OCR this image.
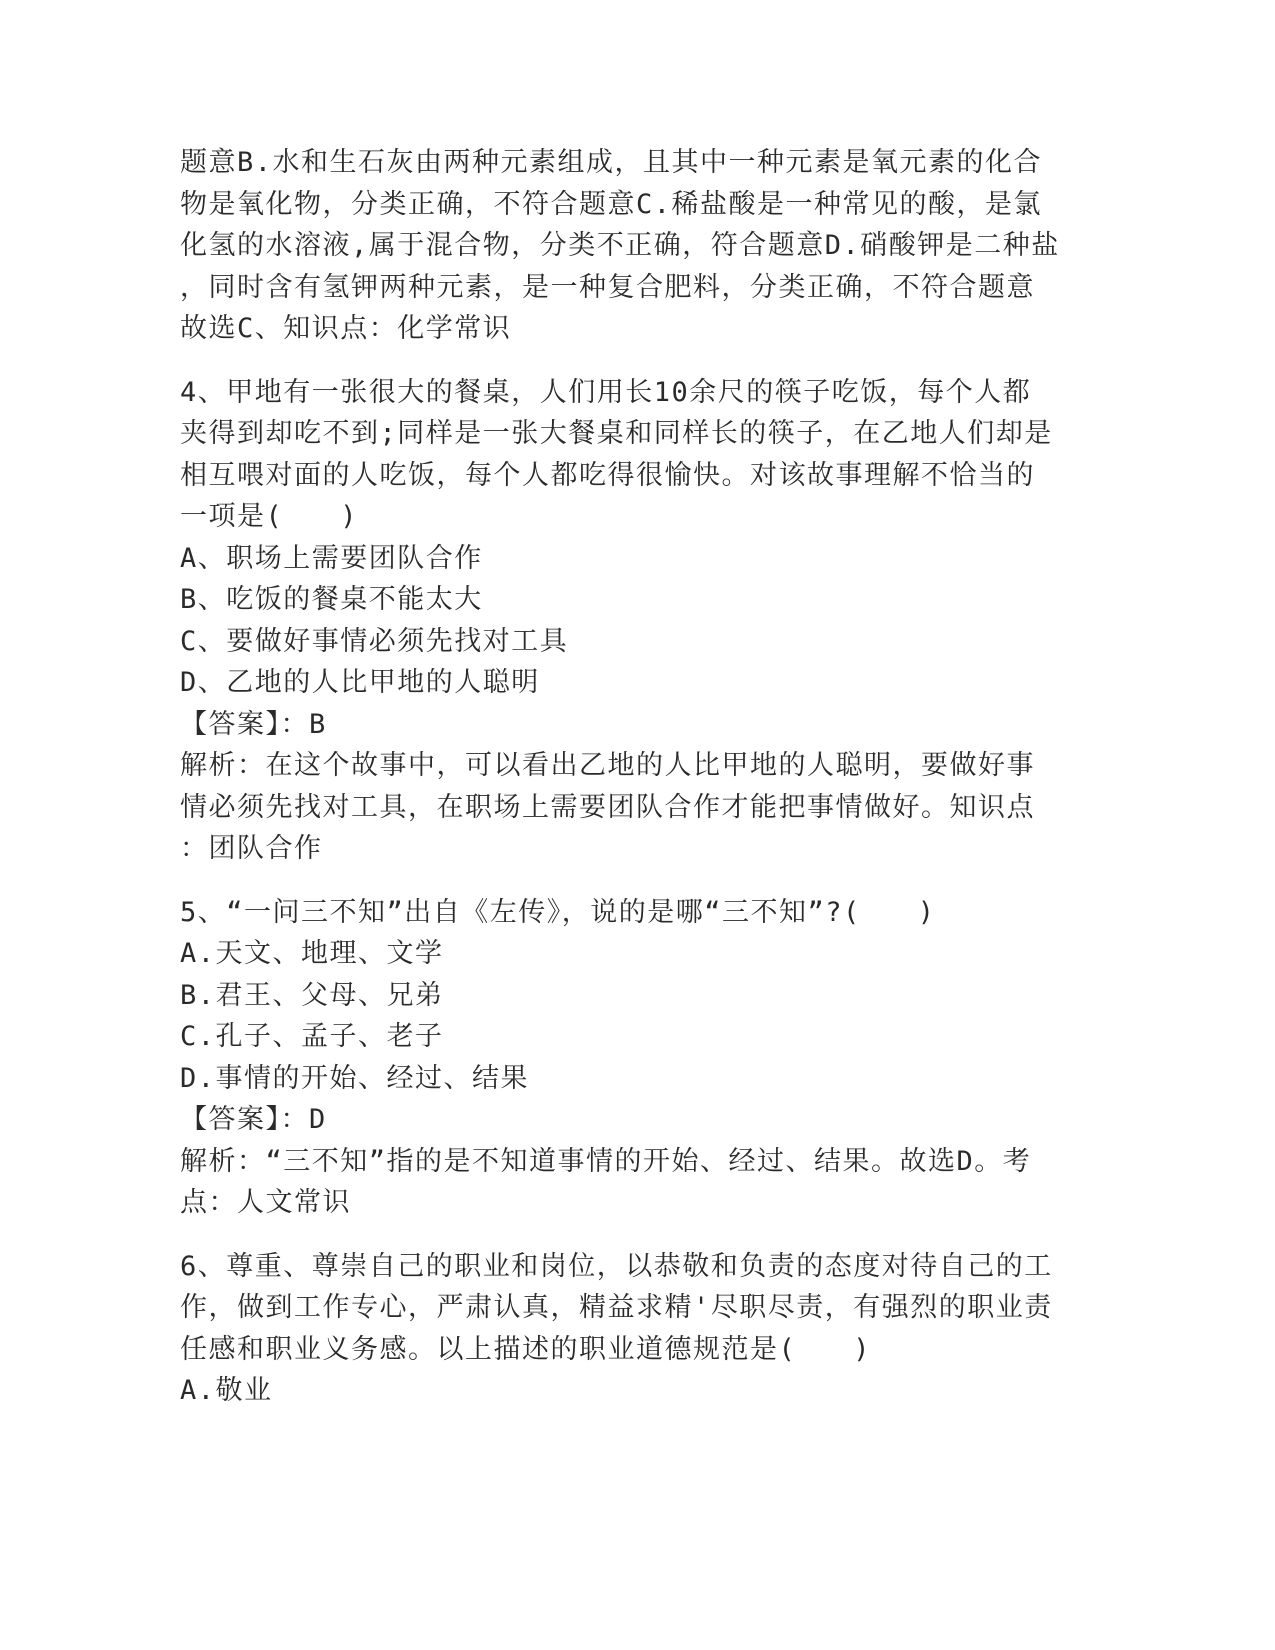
题意B.水和生石灰由两种元素组成，且其中一种元素是氧元素的化合
物是氧化物，分类正确，不符合题意C.稀盐酸是一种常见的酸，是氯
化氢的水溶液,属于混合物，分类不正确，符合题意D.硝酸钾是二种盐
，同时含有氢钾两种元素，是一种复合肥料，分类正确，不符合题意
故选C、知识点：化学常识
4、甲地有一张很大的餐桌，人们用长10余尺的筷子吃饭，每个人都
夹得到却吃不到;同样是一张大餐桌和同样长的筷子，在乙地人们却是
相互喂对面的人吃饭，每个人都吃得很愉快。对该故事理解不恰当的
一项是(　　)
A、职场上需要团队合作
B、吃饭的餐桌不能太大
C、要做好事情必须先找对工具
D、乙地的人比甲地的人聪明
【答案】：B
解析：在这个故事中，可以看出乙地的人比甲地的人聪明，要做好事
情必须先找对工具，在职场上需要团队合作才能把事情做好。知识点
：团队合作
5、“一问三不知”出自《左传》，说的是哪“三不知”?(　　)
A.天文、地理、文学
B.君王、父母、兄弟
C.孔子、孟子、老子
D.事情的开始、经过、结果
【答案】：D
解析：“三不知”指的是不知道事情的开始、经过、结果。故选D。考
点：人文常识
6、尊重、尊崇自己的职业和岗位，以恭敬和负责的态度对待自己的工
作，做到工作专心，严肃认真，精益求精'尽职尽责，有强烈的职业责
任感和职业义务感。以上描述的职业道德规范是(　　)
A.敬业
